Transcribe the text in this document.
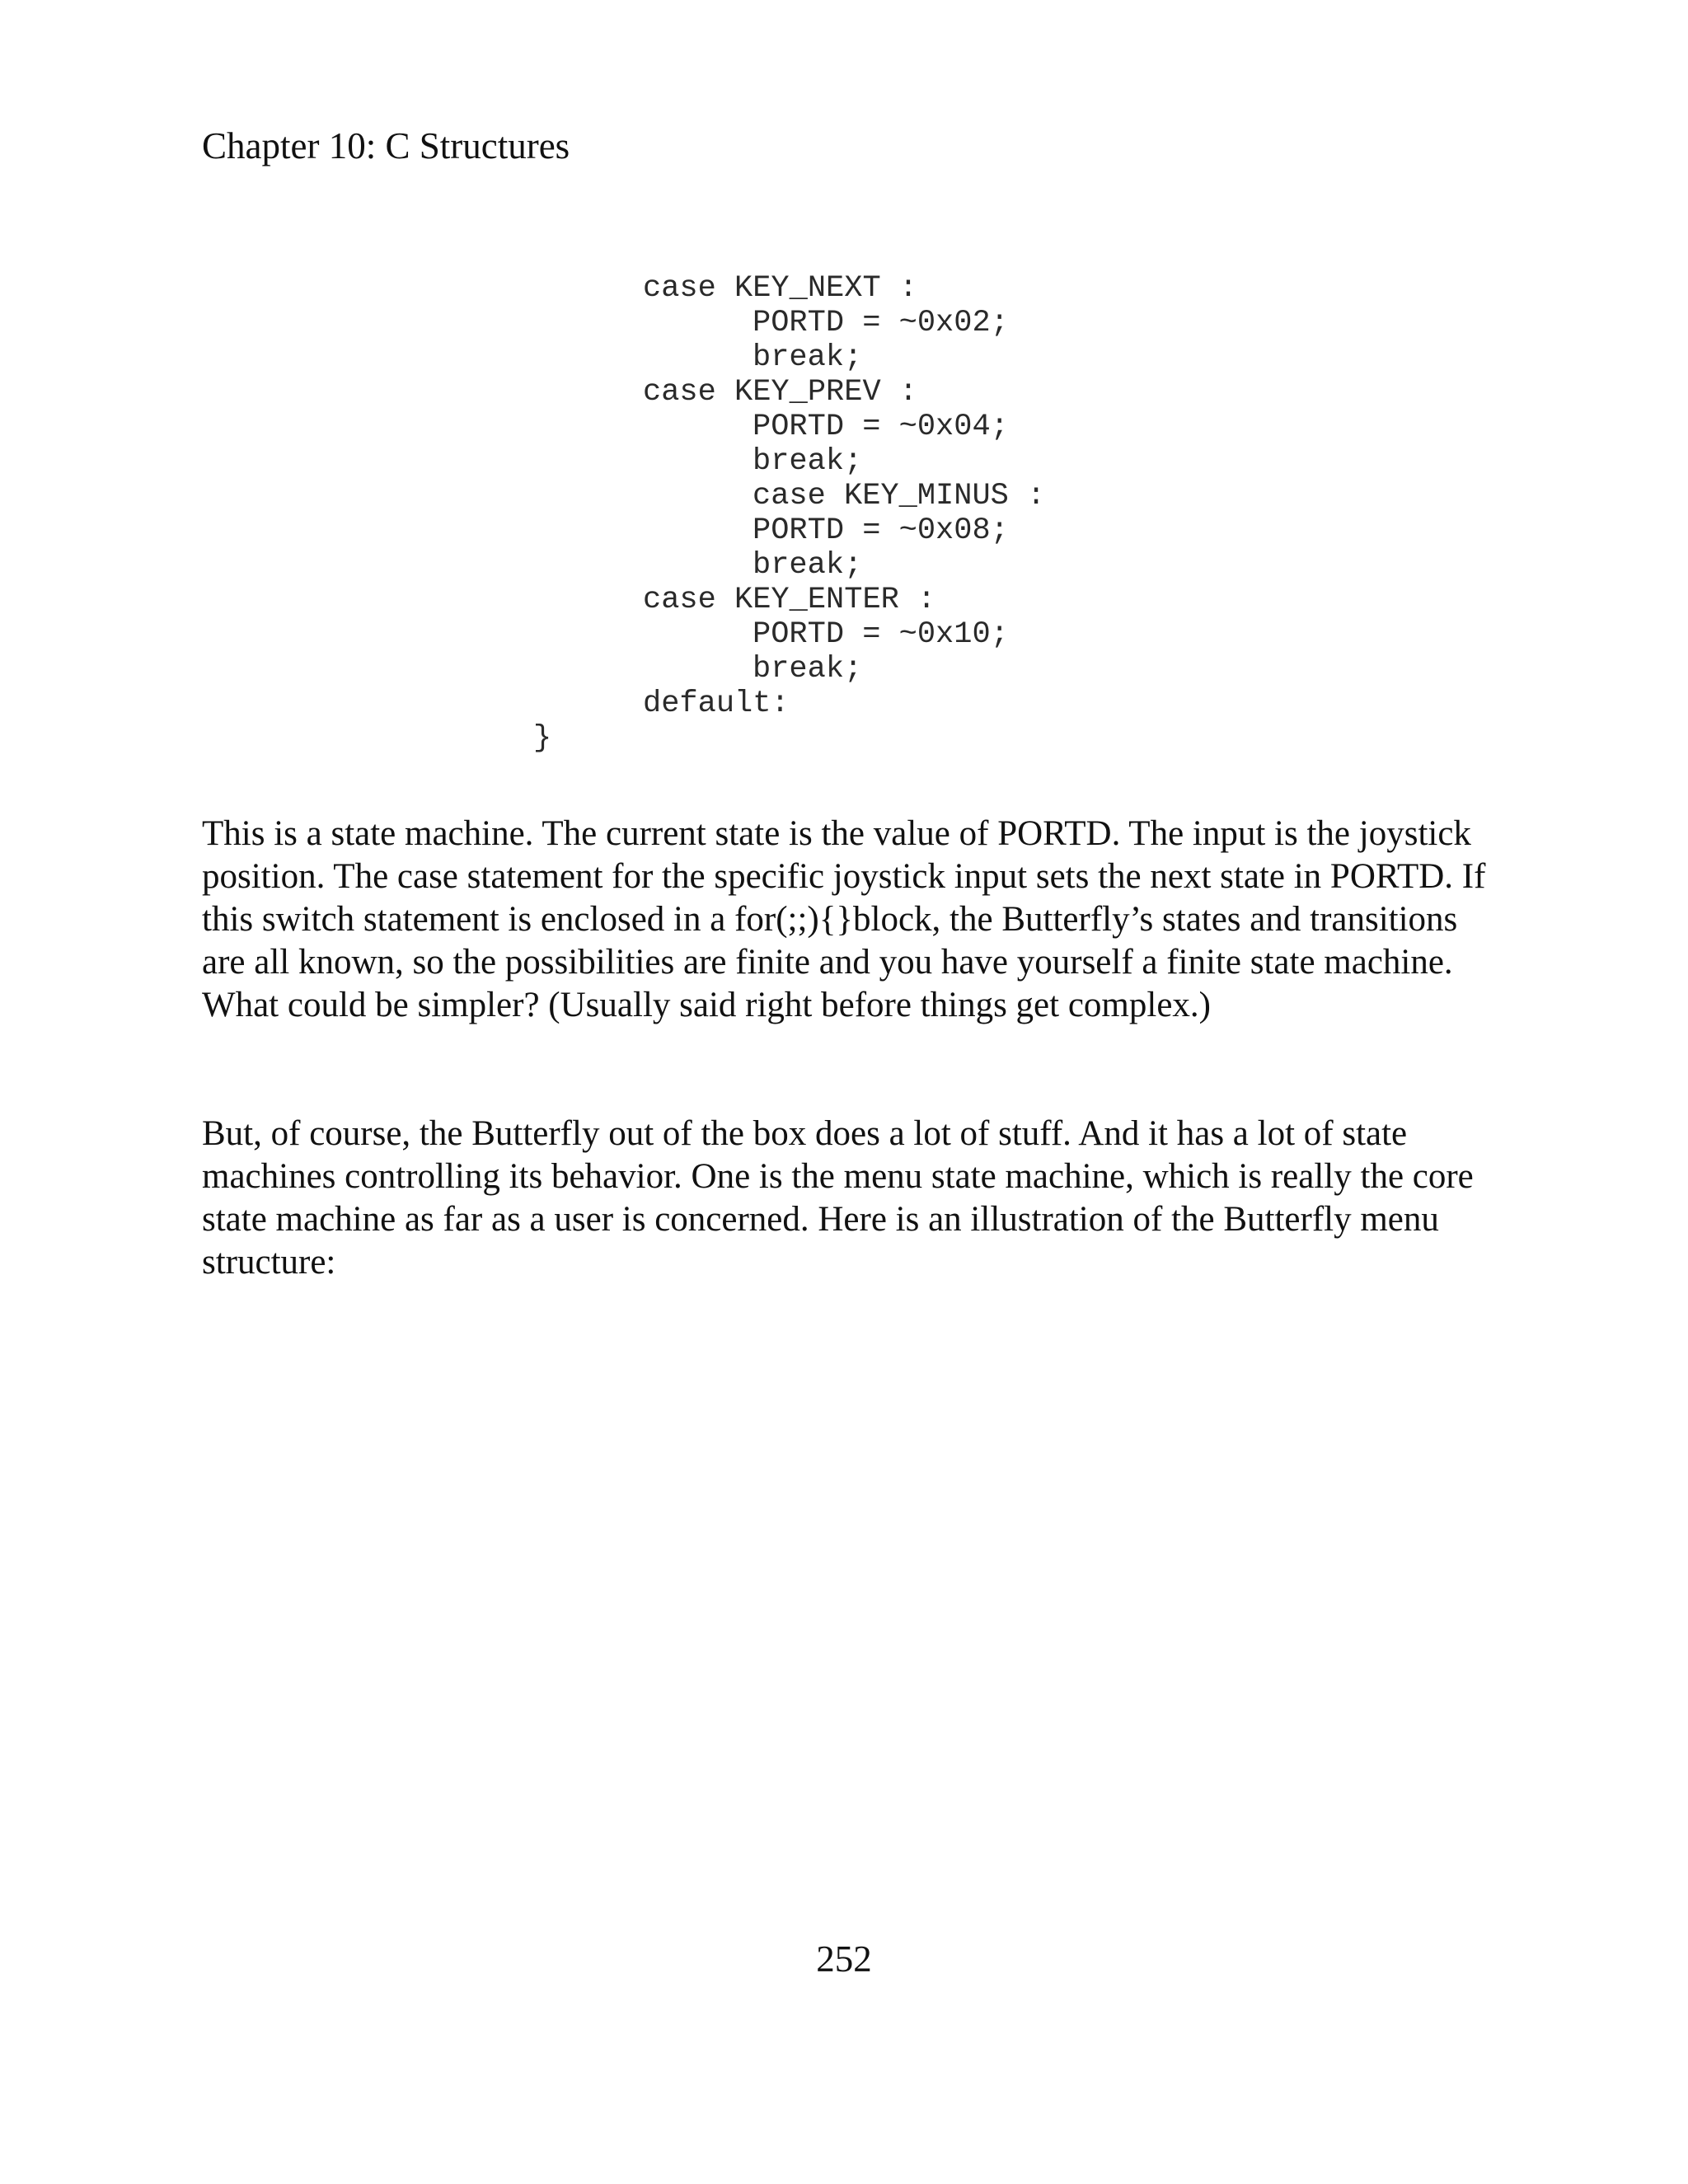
Chapter 10: C Structures
case KEY_NEXT :
PORTD = ~0x02;
break;
case KEY_PREV :
PORTD = ~0x04;
break;
case KEY_MINUS :
PORTD = ~0x08;
break;
case KEY_ENTER :
PORTD = ~0x10;
break;
default:
}

This is a state machine. The current state is the value of PORTD. The input is the joystick position. The case statement for the specific joystick input sets the next state in PORTD. If this switch statement is enclosed in a for(;;){}block, the Butterfly’s states and transitions are all known, so the possibilities are finite and you have yourself a finite state machine. What could be simpler? (Usually said right before things get complex.)

But, of course, the Butterfly out of the box does a lot of stuff. And it has a lot of state machines controlling its behavior. One is the menu state machine, which is really the core state machine as far as a user is concerned. Here is an illustration of the Butterfly menu structure:

252
